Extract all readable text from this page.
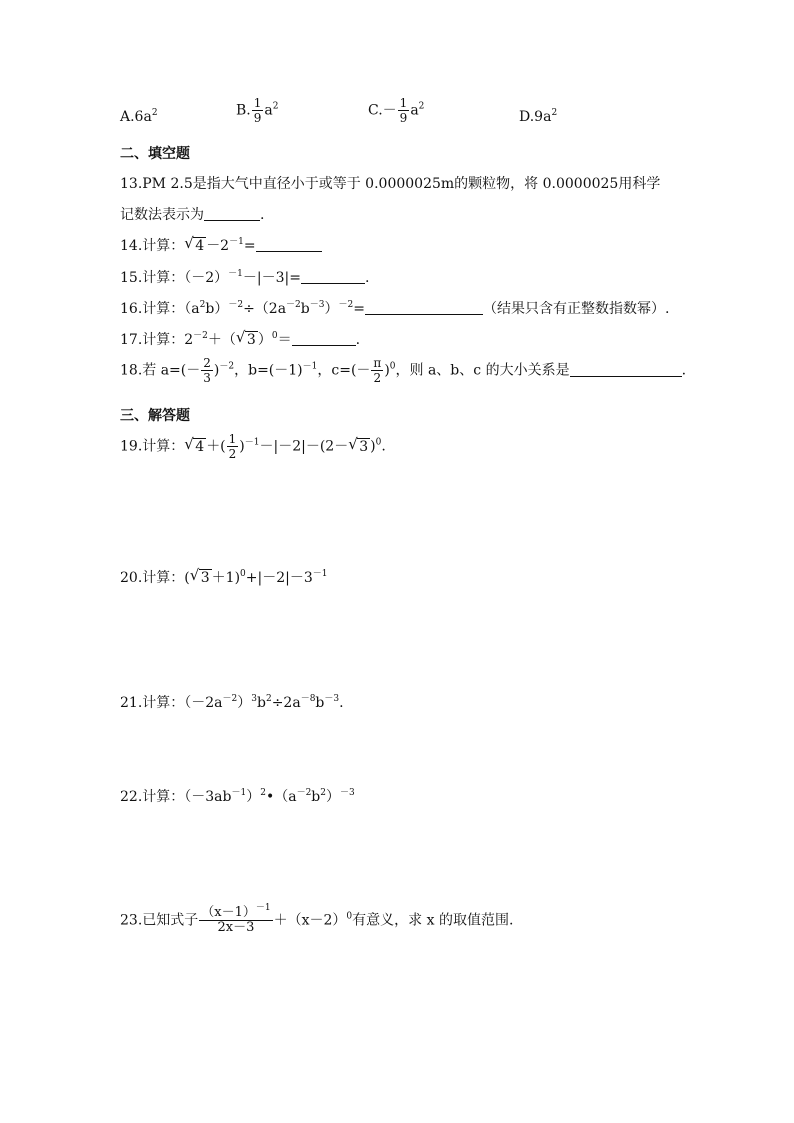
$A.6a^2$	B. $\frac{1}{9} a^2$	$C.- \frac{1}{9} a^2$
$D.9a^2$
二、填空题
13.PM 2.5是指大气中直径小于或等于 0.0000025m的颗粒物，将 0.0000025用科学
记数法表示为	.
14.计算： √ $4 -2^{-1}=$
15.计算：$(-2)^{-1}-|-3|=$	.
16.计算：$(a^2b)^{-2}\div(2a^{-2}b^{-3})^{-2}=$	（结果只含有正整数指数幂）.
17.计算：$2^{-2}+$（ √ 3 ）$^0$＝	.
18.若 $a=(- \frac{2}{3} )^{-2}$，$b=(-1)^{-1}$，$c=(- \frac{\pi}{2} )^0$，则 a、b、c 的大小关系是	.
三、解答题
19.计算： √ 4 ＋( $\frac{1}{2} )^{-1}-|-2|-(2-$ √ 3 )$^0$.
20.计算：( √ $3 +1)^0+|-2|-3^{-1}$
21.计算：$(-2a^{-2})^3b^2\div 2a^{-8}b^{-3}$.
22.计算：$(-3ab^{-1})^2•(a^{-2}b^2)^{-3}$
23.已知式子 $\frac{(x-1)^{-1}}{2x-3} +(x-2)^0$有意义，求 x 的取值范围.
